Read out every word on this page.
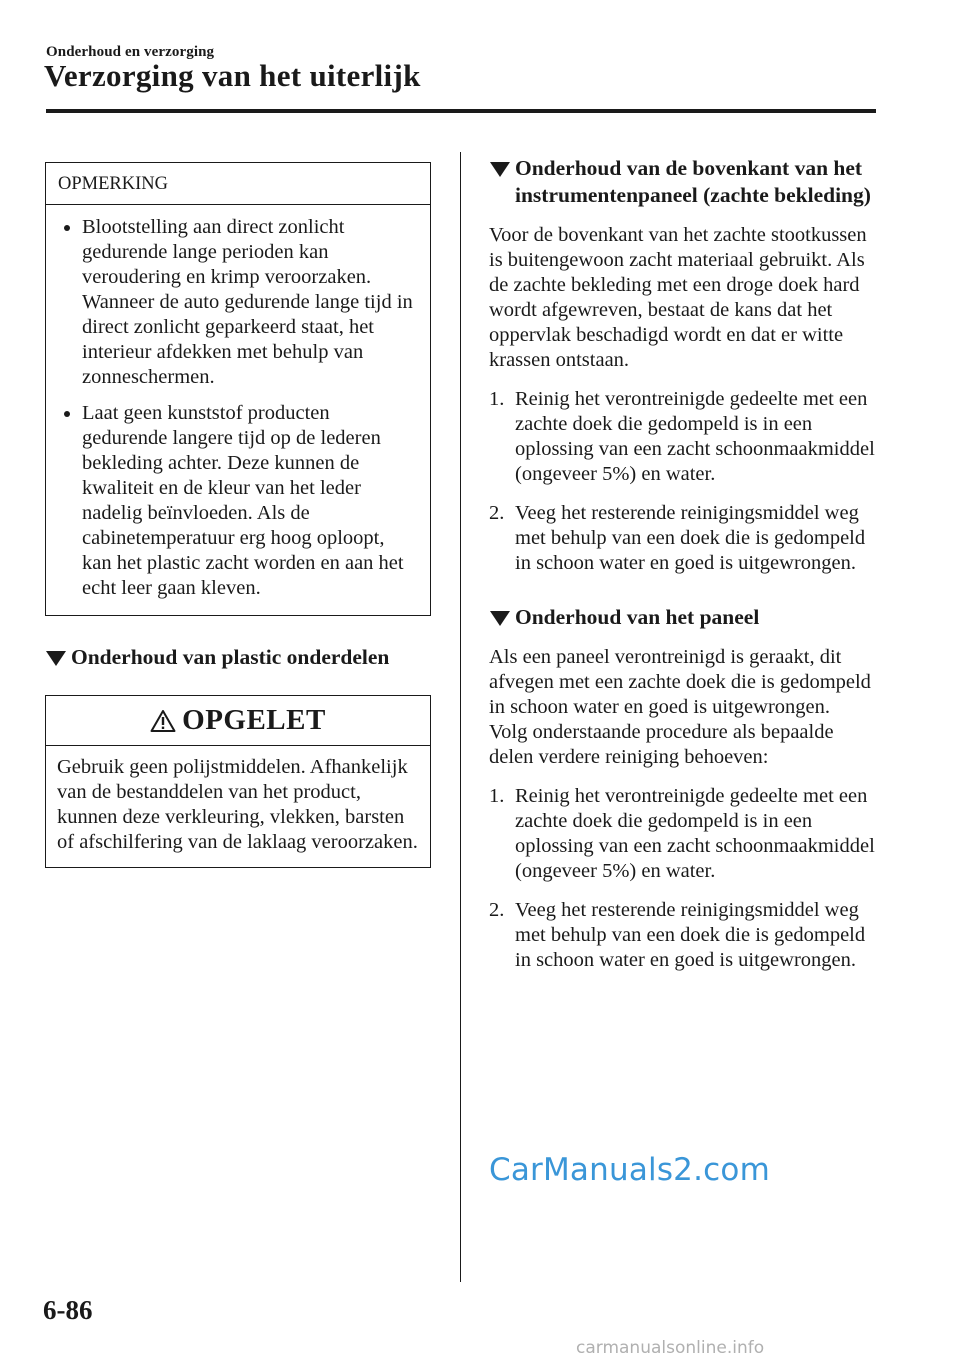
Onderhoud en verzorging
Verzorging van het uiterlijk
OPMERKING
Blootstelling aan direct zonlicht gedurende lange perioden kan veroudering en krimp veroorzaken. Wanneer de auto gedurende lange tijd in direct zonlicht geparkeerd staat, het interieur afdekken met behulp van zonneschermen.
Laat geen kunststof producten gedurende langere tijd op de lederen bekleding achter. Deze kunnen de kwaliteit en de kleur van het leder nadelig beïnvloeden. Als de cabinetemperatuur erg hoog oploopt, kan het plastic zacht worden en aan het echt leer gaan kleven.
Onderhoud van plastic onderdelen
OPGELET
Gebruik geen polijstmiddelen. Afhankelijk van de bestanddelen van het product, kunnen deze verkleuring, vlekken, barsten of afschilfering van de laklaag veroorzaken.
Onderhoud van de bovenkant van het instrumentenpaneel (zachte bekleding)

Voor de bovenkant van het zachte stootkussen is buitengewoon zacht materiaal gebruikt. Als de zachte bekleding met een droge doek hard wordt afgewreven, bestaat de kans dat het oppervlak beschadigd wordt en dat er witte krassen ontstaan.

1. Reinig het verontreinigde gedeelte met een zachte doek die gedompeld is in een oplossing van een zacht schoonmaakmiddel (ongeveer 5%) en water.
2. Veeg het resterende reinigingsmiddel weg met behulp van een doek die is gedompeld in schoon water en goed is uitgewrongen.
Onderhoud van het paneel

Als een paneel verontreinigd is geraakt, dit afvegen met een zachte doek die is gedompeld in schoon water en goed is uitgewrongen.

Volg onderstaande procedure als bepaalde delen verdere reiniging behoeven:

1. Reinig het verontreinigde gedeelte met een zachte doek die gedompeld is in een oplossing van een zacht schoonmaakmiddel (ongeveer 5%) en water.
2. Veeg het resterende reinigingsmiddel weg met behulp van een doek die is gedompeld in schoon water en goed is uitgewrongen.
CarManuals2.com
6-86
carmanualsonline.info
